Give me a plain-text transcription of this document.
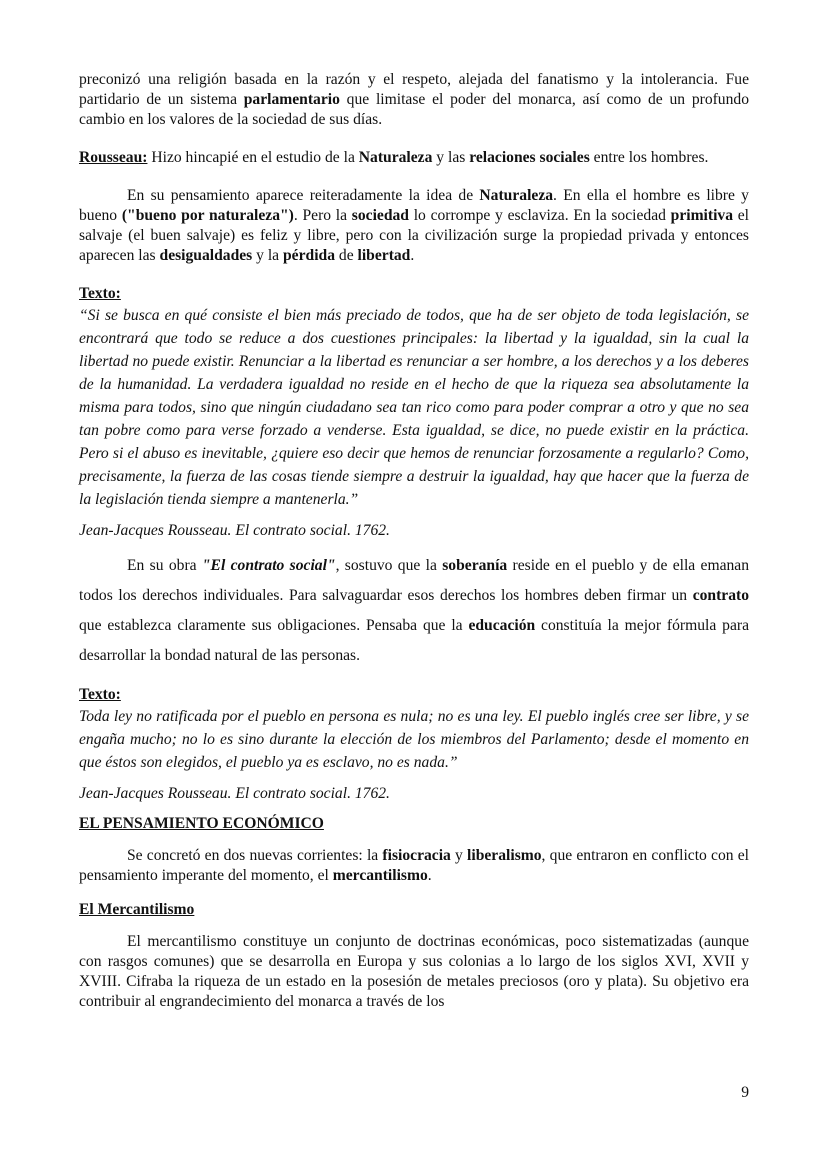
preconizó una religión basada en la razón y el respeto, alejada del fanatismo y la intolerancia. Fue partidario de un sistema parlamentario que limitase el poder del monarca, así como de un profundo cambio en los valores de la sociedad de sus días.

Rousseau: Hizo hincapié en el estudio de la Naturaleza y las relaciones sociales entre los hombres.

En su pensamiento aparece reiteradamente la idea de Naturaleza. En ella el hombre es libre y bueno ("bueno por naturaleza"). Pero la sociedad lo corrompe y esclaviza. En la sociedad primitiva el salvaje (el buen salvaje) es feliz y libre, pero con la civilización surge la propiedad privada y entonces aparecen las desigualdades y la pérdida de libertad.

Texto:

“Si se busca en qué consiste el bien más preciado de todos, que ha de ser objeto de toda legislación, se encontrará que todo se reduce a dos cuestiones principales: la libertad y la igualdad, sin la cual la libertad no puede existir. Renunciar a la libertad es renunciar a ser hombre, a los derechos y a los deberes de la humanidad. La verdadera igualdad no reside en el hecho de que la riqueza sea absolutamente la misma para todos, sino que ningún ciudadano sea tan rico como para poder comprar a otro y que no sea tan pobre como para verse forzado a venderse. Esta igualdad, se dice, no puede existir en la práctica. Pero si el abuso es inevitable, ¿quiere eso decir que hemos de renunciar forzosamente a regularlo? Como, precisamente, la fuerza de las cosas tiende siempre a destruir la igualdad, hay que hacer que la fuerza de la legislación tienda siempre a mantenerla.”

Jean-Jacques Rousseau. El contrato social. 1762.

En su obra "El contrato social", sostuvo que la soberanía reside en el pueblo y de ella emanan todos los derechos individuales. Para salvaguardar esos derechos los hombres deben firmar un contrato que establezca claramente sus obligaciones. Pensaba que la educación constituía la mejor fórmula para desarrollar la bondad natural de las personas.

Texto:

Toda ley no ratificada por el pueblo en persona es nula; no es una ley. El pueblo inglés cree ser libre, y se engaña mucho; no lo es sino durante la elección de los miembros del Parlamento; desde el momento en que éstos son elegidos, el pueblo ya es esclavo, no es nada.”

Jean-Jacques Rousseau. El contrato social. 1762.

EL PENSAMIENTO ECONÓMICO

Se concretó en dos nuevas corrientes: la fisiocracia y liberalismo, que entraron en conflicto con el pensamiento imperante del momento, el mercantilismo.

El Mercantilismo

El mercantilismo constituye un conjunto de doctrinas económicas, poco sistematizadas (aunque con rasgos comunes) que se desarrolla en Europa y sus colonias a lo largo de los siglos XVI, XVII y XVIII. Cifraba la riqueza de un estado en la posesión de metales preciosos (oro y plata). Su objetivo era contribuir al engrandecimiento del monarca a través de los

9
